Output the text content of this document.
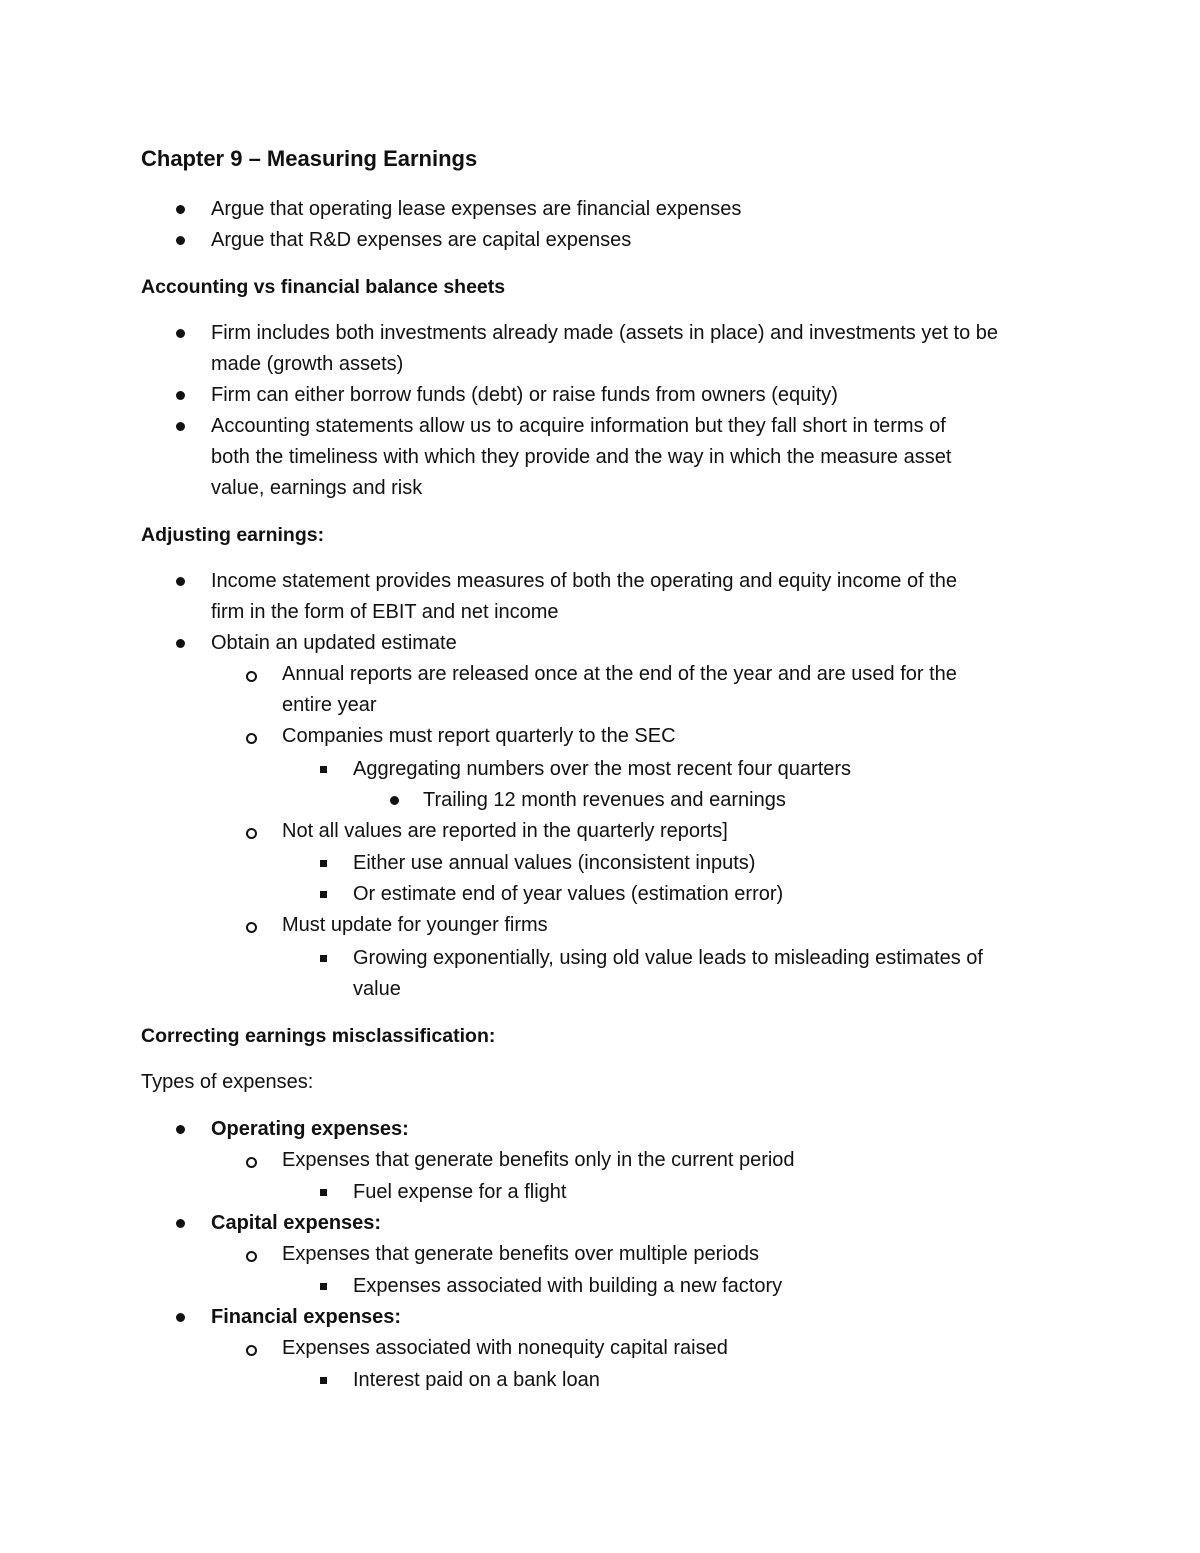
Chapter 9 – Measuring Earnings
Argue that operating lease expenses are financial expenses
Argue that R&D expenses are capital expenses
Accounting vs financial balance sheets
Firm includes both investments already made (assets in place) and investments yet to be
made (growth assets)
Firm can either borrow funds (debt) or raise funds from owners (equity)
Accounting statements allow us to acquire information but they fall short in terms of
both the timeliness with which they provide and the way in which the measure asset
value, earnings and risk
Adjusting earnings:
Income statement provides measures of both the operating and equity income of the
firm in the form of EBIT and net income
Obtain an updated estimate
Annual reports are released once at the end of the year and are used for the
entire year
Companies must report quarterly to the SEC
Aggregating numbers over the most recent four quarters
Trailing 12 month revenues and earnings
Not all values are reported in the quarterly reports]
Either use annual values (inconsistent inputs)
Or estimate end of year values (estimation error)
Must update for younger firms
Growing exponentially, using old value leads to misleading estimates of
value
Correcting earnings misclassification:
Types of expenses:
Operating expenses:
Expenses that generate benefits only in the current period
Fuel expense for a flight
Capital expenses:
Expenses that generate benefits over multiple periods
Expenses associated with building a new factory
Financial expenses:
Expenses associated with nonequity capital raised
Interest paid on a bank loan
